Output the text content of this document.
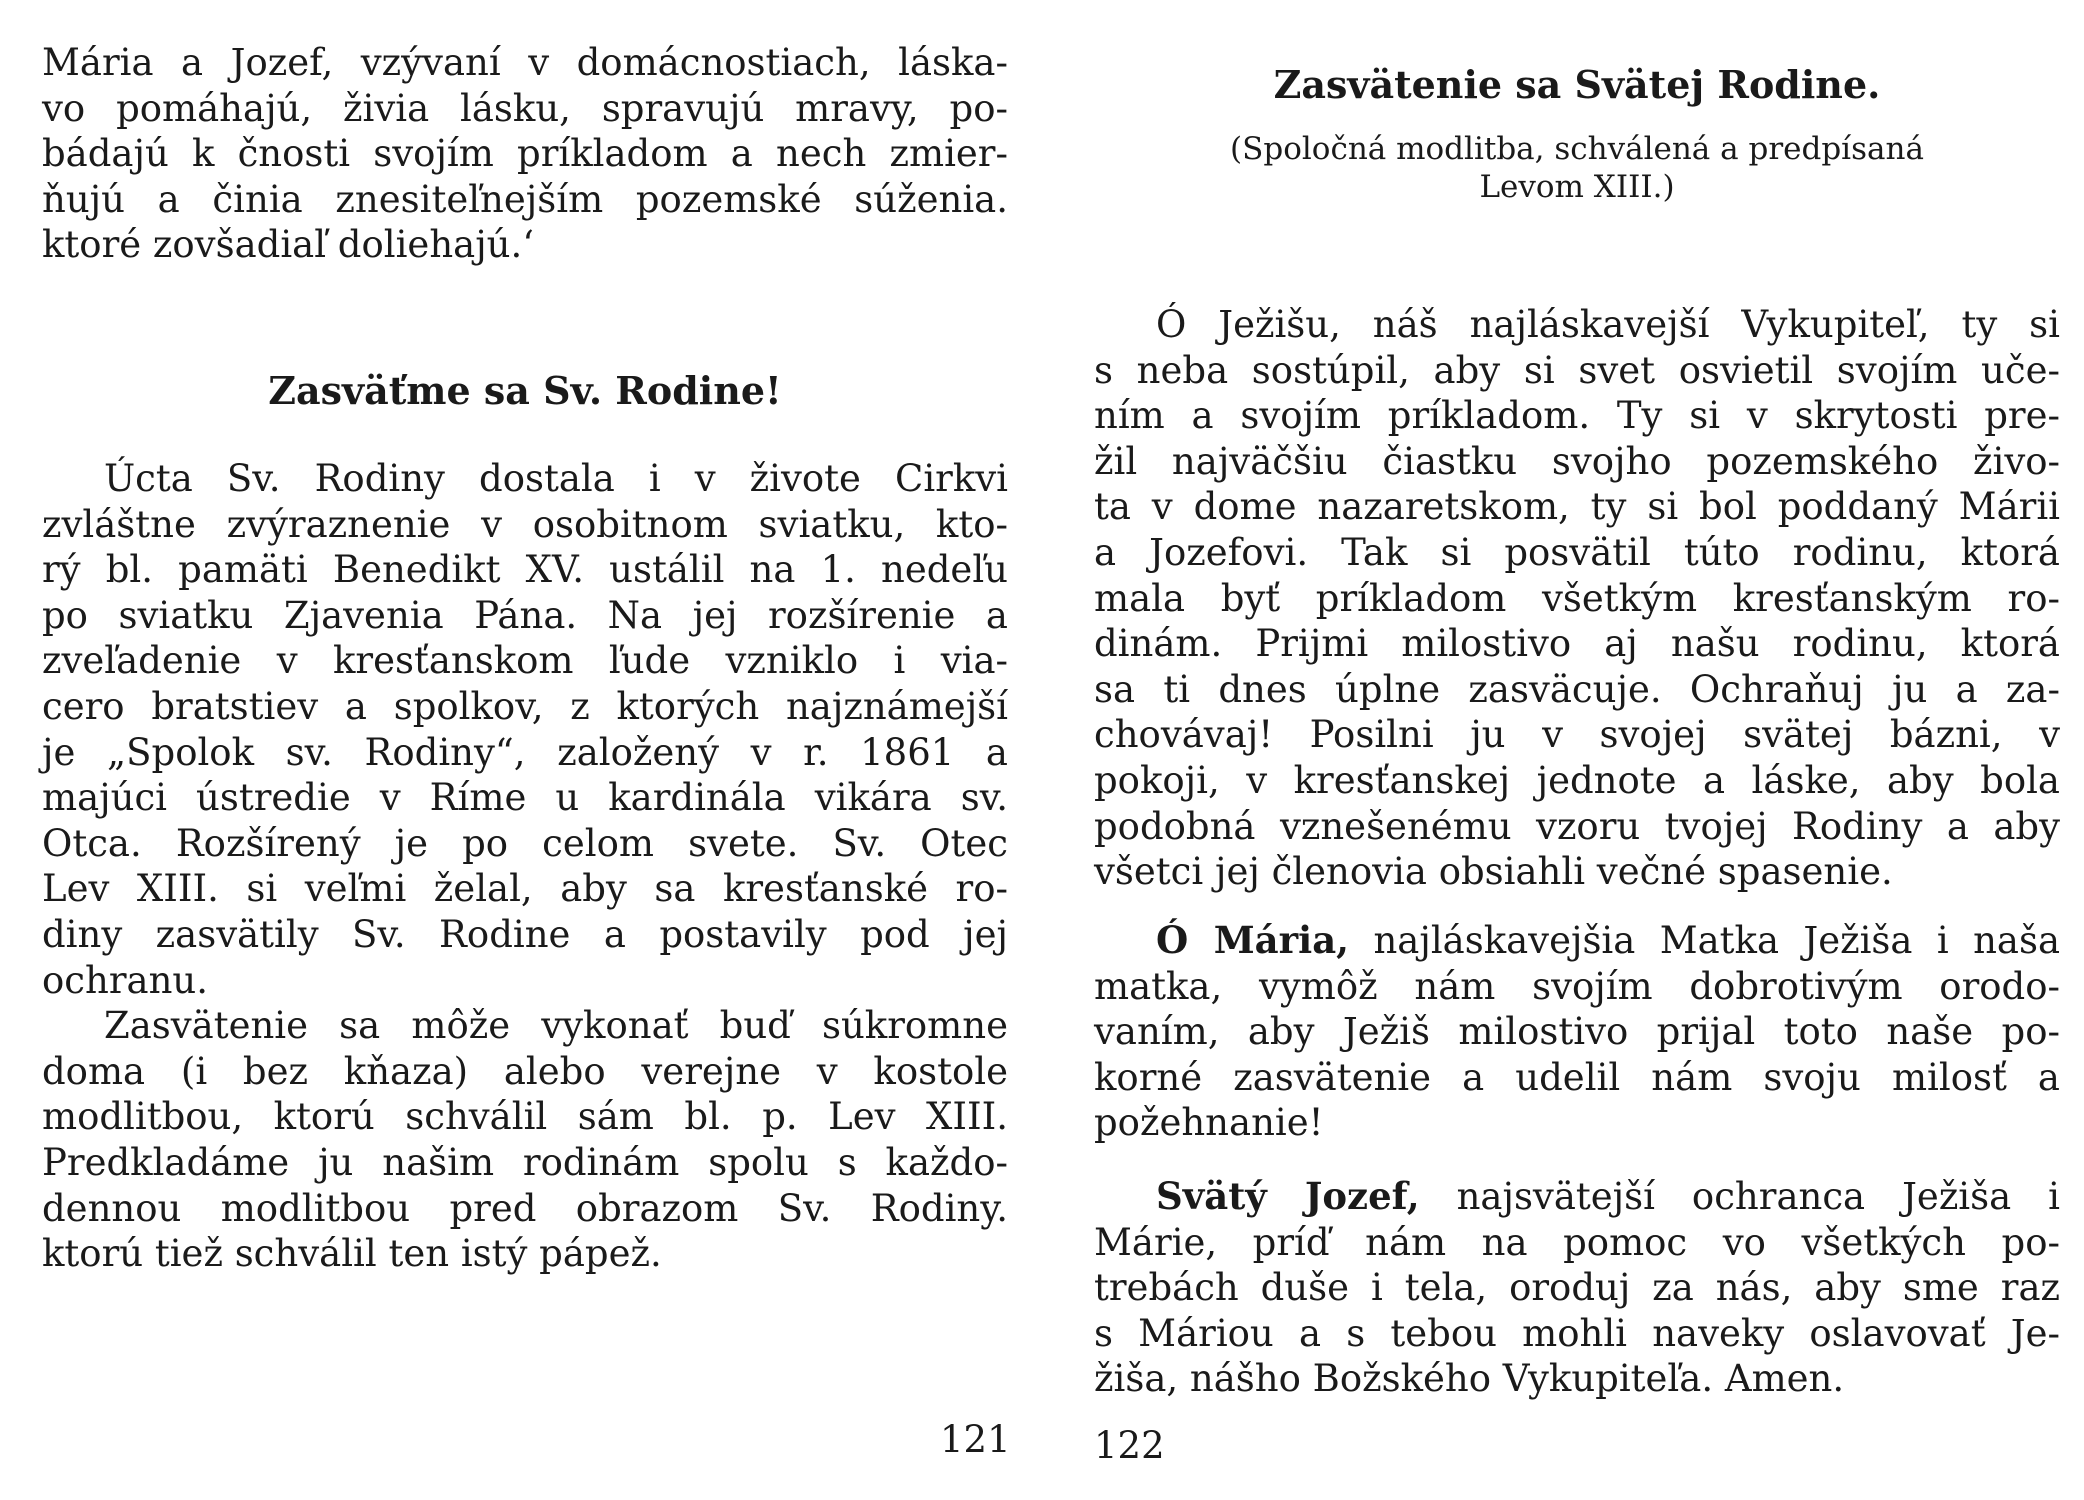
Mária a Jozef, vzývaní v domácnostiach, láska-
vo pomáhajú, živia lásku, spravujú mravy, po-
bádajú k čnosti svojím príkladom a nech zmier-
ňujú a činia znesiteľnejším pozemské súženia.
ktoré zovšadiaľ doliehajú.‘
Zasväťme sa Sv. Rodine!
Úcta Sv. Rodiny dostala i v živote Cirkvi
zvláštne zvýraznenie v osobitnom sviatku, kto-
rý bl. pamäti Benedikt XV. ustálil na 1. nedeľu
po sviatku Zjavenia Pána. Na jej rozšírenie a
zveľadenie v kresťanskom ľude vzniklo i via-
cero bratstiev a spolkov, z ktorých najznámejší
je „Spolok sv. Rodiny“, založený v r. 1861 a
majúci ústredie v Ríme u kardinála vikára sv.
Otca. Rozšírený je po celom svete. Sv. Otec
Lev XIII. si veľmi želal, aby sa kresťanské ro-
diny zasvätily Sv. Rodine a postavily pod jej
ochranu.
Zasvätenie sa môže vykonať buď súkromne
doma (i bez kňaza) alebo verejne v kostole
modlitbou, ktorú schválil sám bl. p. Lev XIII.
Predkladáme ju našim rodinám spolu s každo-
dennou modlitbou pred obrazom Sv. Rodiny.
ktorú tiež schválil ten istý pápež.
121
Zasvätenie sa Svätej Rodine.
(Spoločná modlitba, schválená a predpísaná
Levom XIII.)
Ó Ježišu, náš najláskavejší Vykupiteľ, ty si
s neba sostúpil, aby si svet osvietil svojím uče-
ním a svojím príkladom. Ty si v skrytosti pre-
žil najväčšiu čiastku svojho pozemského živo-
ta v dome nazaretskom, ty si bol poddaný Márii
a Jozefovi. Tak si posvätil túto rodinu, ktorá
mala byť príkladom všetkým kresťanským ro-
dinám. Prijmi milostivo aj našu rodinu, ktorá
sa ti dnes úplne zasväcuje. Ochraňuj ju a za-
chovávaj! Posilni ju v svojej svätej bázni, v
pokoji, v kresťanskej jednote a láske, aby bola
podobná vznešenému vzoru tvojej Rodiny a aby
všetci jej členovia obsiahli večné spasenie.
Ó Mária, najláskavejšia Matka Ježiša i naša
matka, vymôž nám svojím dobrotivým orodo-
vaním, aby Ježiš milostivo prijal toto naše po-
korné zasvätenie a udelil nám svoju milosť a
požehnanie!
Svätý Jozef, najsvätejší ochranca Ježiša i
Márie, príď nám na pomoc vo všetkých po-
trebách duše i tela, oroduj za nás, aby sme raz
s Máriou a s tebou mohli naveky oslavovať Je-
žiša, nášho Božského Vykupiteľa. Amen.
122
